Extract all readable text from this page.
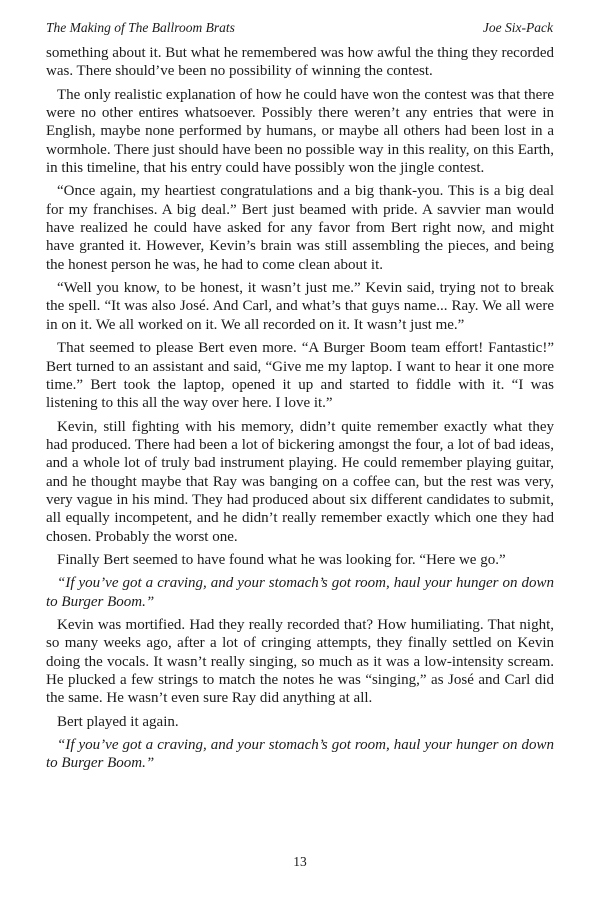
The Making of The Ballroom Brats	Joe Six-Pack

something about it. But what he remembered was how awful the thing they recorded was. There should’ve been no possibility of winning the contest.

The only realistic explanation of how he could have won the contest was that there were no other entires whatsoever. Possibly there weren’t any entries that were in English, maybe none performed by humans, or maybe all others had been lost in a wormhole. There just should have been no possible way in this reality, on this Earth, in this timeline, that his entry could have possibly won the jingle contest.

“Once again, my heartiest congratulations and a big thank-you. This is a big deal for my franchises. A big deal.” Bert just beamed with pride. A savvier man would have realized he could have asked for any favor from Bert right now, and might have granted it. However, Kevin’s brain was still assembling the pieces, and being the honest person he was, he had to come clean about it.

“Well you know, to be honest, it wasn’t just me.” Kevin said, trying not to break the spell. “It was also José. And Carl, and what’s that guys name... Ray. We all were in on it. We all worked on it. We all recorded on it. It wasn’t just me.”

That seemed to please Bert even more. “A Burger Boom team effort! Fantastic!” Bert turned to an assistant and said, “Give me my laptop. I want to hear it one more time.” Bert took the laptop, opened it up and started to fiddle with it. “I was listening to this all the way over here. I love it.”

Kevin, still fighting with his memory, didn’t quite remember exactly what they had produced. There had been a lot of bickering amongst the four, a lot of bad ideas, and a whole lot of truly bad instrument playing. He could remember playing guitar, and he thought maybe that Ray was banging on a coffee can, but the rest was very, very vague in his mind. They had produced about six different candidates to submit, all equally incompetent, and he didn’t really remember exactly which one they had chosen. Probably the worst one.

Finally Bert seemed to have found what he was looking for. “Here we go.”

“If you’ve got a craving, and your stomach’s got room, haul your hunger on down to Burger Boom.”

Kevin was mortified. Had they really recorded that? How humiliating. That night, so many weeks ago, after a lot of cringing attempts, they finally settled on Kevin doing the vocals. It wasn’t really singing, so much as it was a low-intensity scream. He plucked a few strings to match the notes he was “singing,” as José and Carl did the same. He wasn’t even sure Ray did anything at all.

Bert played it again.

“If you’ve got a craving, and your stomach’s got room, haul your hunger on down to Burger Boom.”

13
